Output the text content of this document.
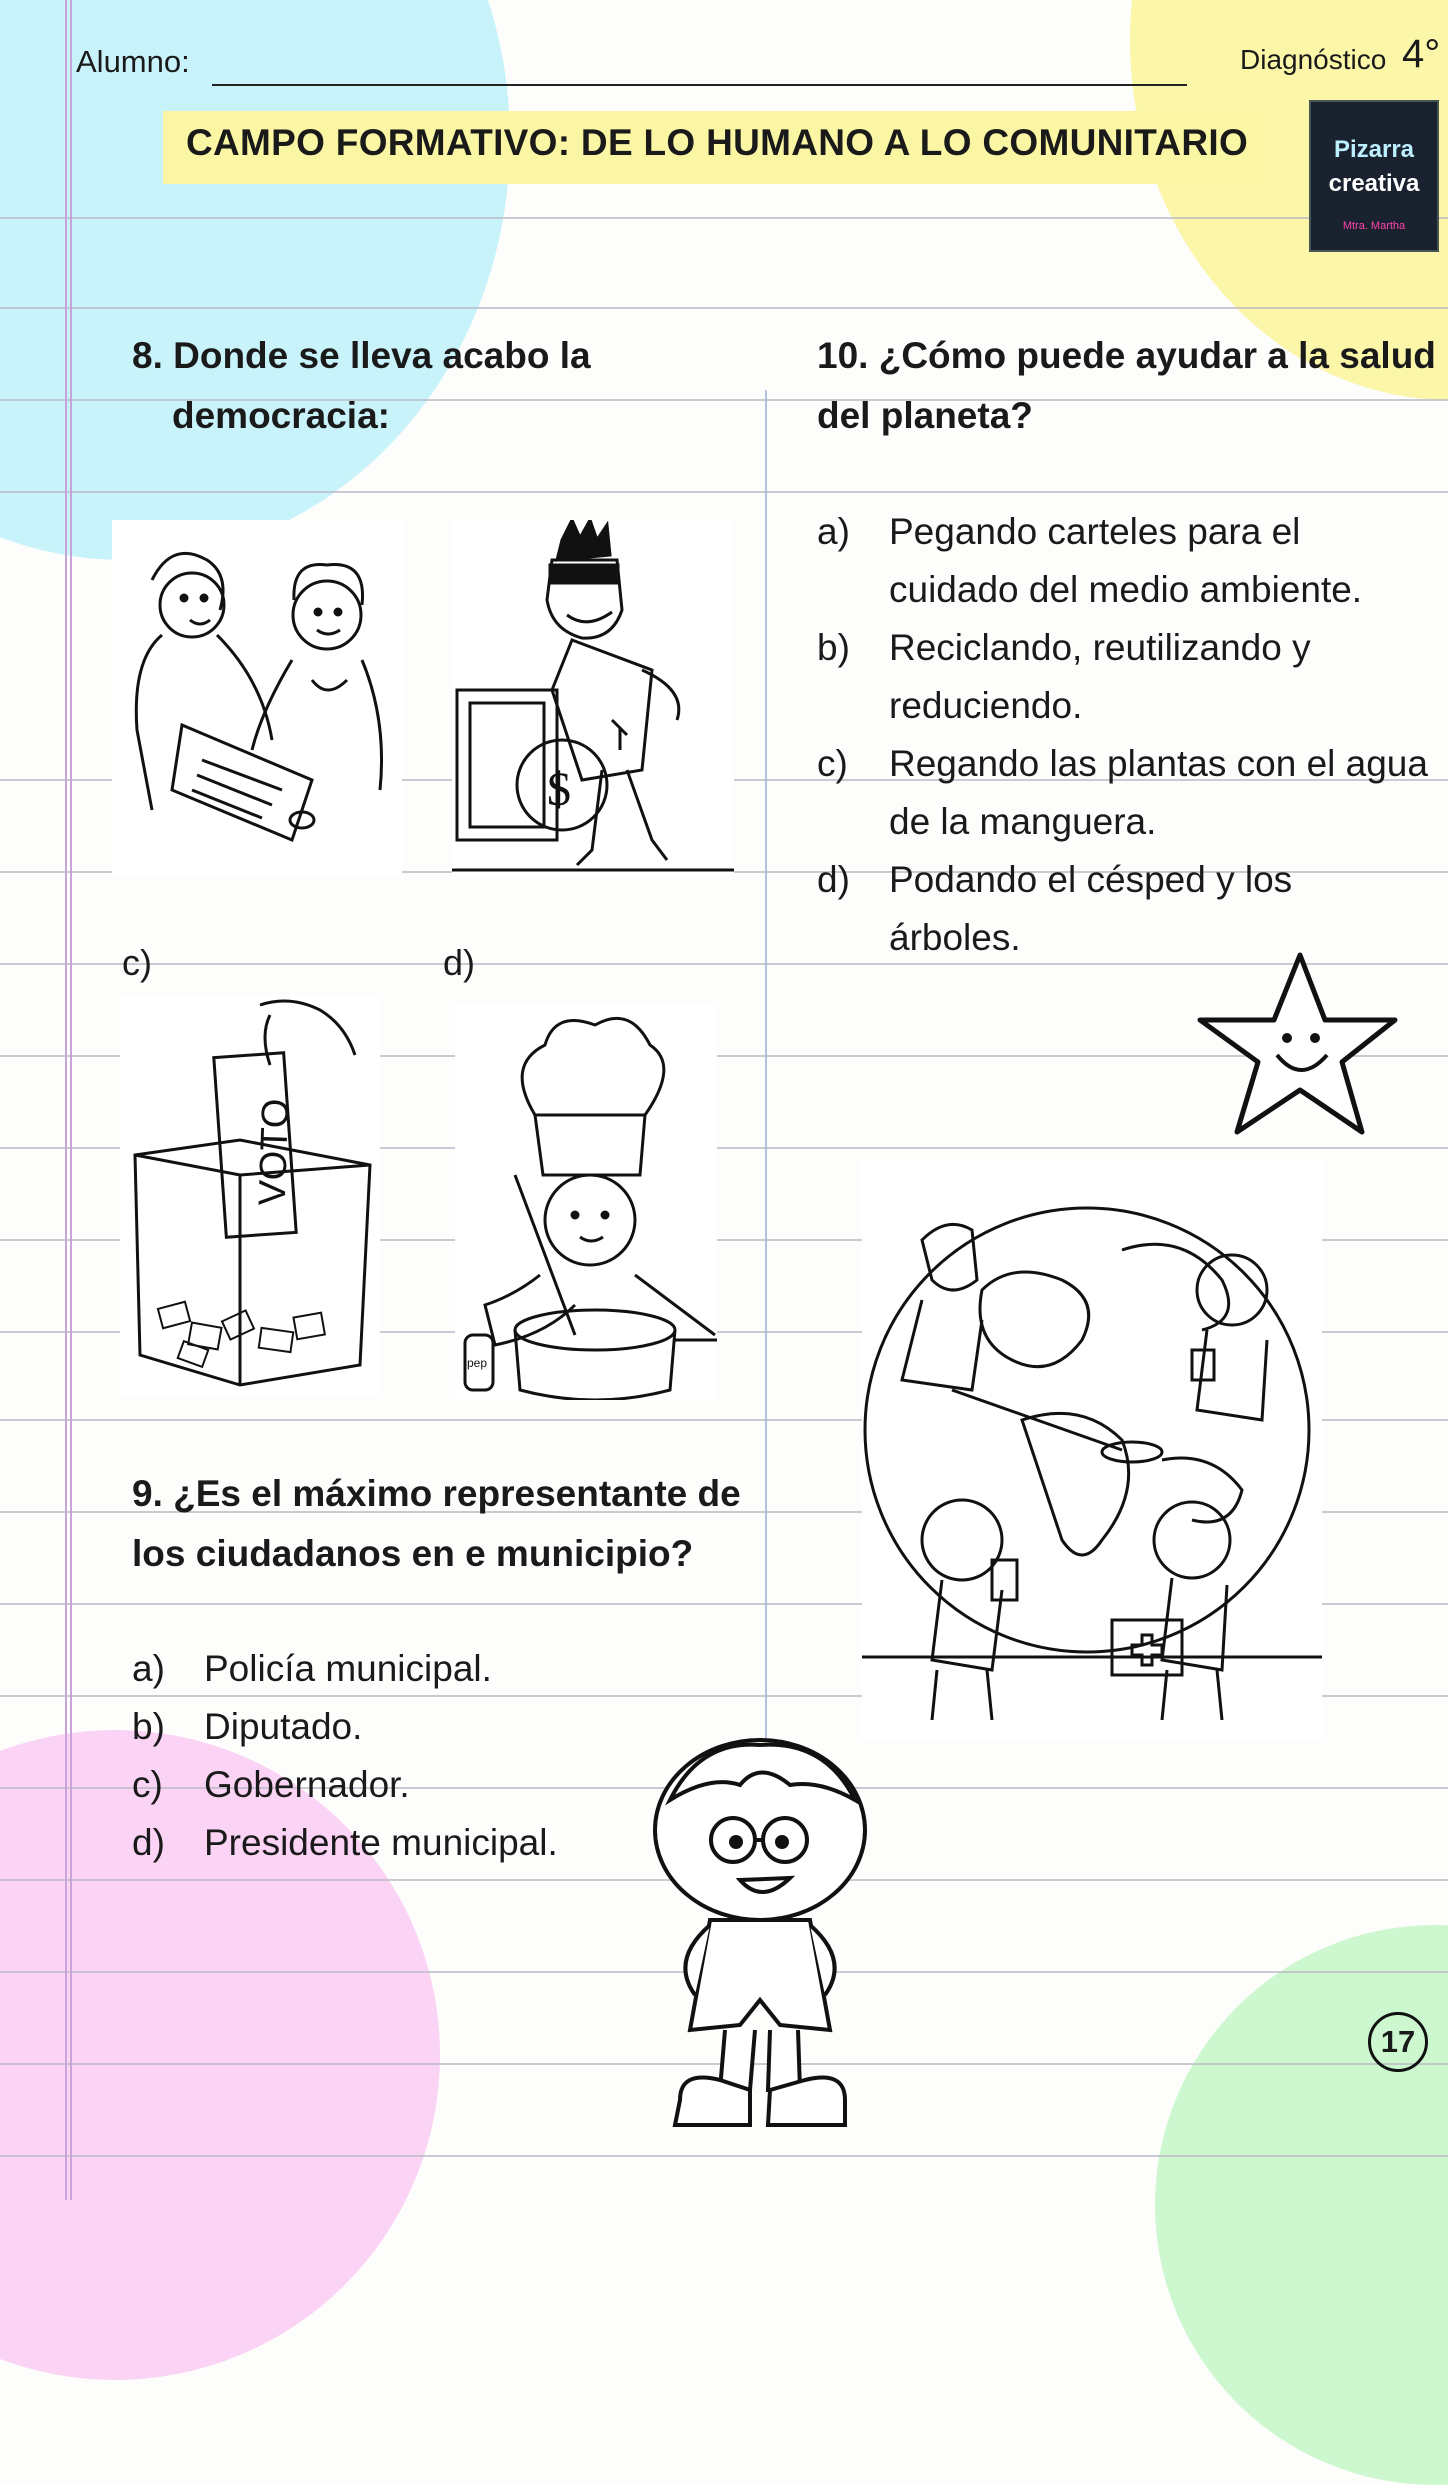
Alumno:	Diagnóstico 4°
CAMPO FORMATIVO: DE LO HUMANO A LO COMUNITARIO	Pizarra
creativa
Mtra. Martha
8. Donde se lleva acabo la
democracia:
c)	d)
$
VOTO
pep
10. ¿Cómo puede ayudar a la salud
del planeta?
a) Pegando carteles para el
cuidado del medio ambiente.
b) Reciclando, reutilizando y
reduciendo.
c) Regando las plantas con el agua
de la manguera.
d) Podando el césped y los
árboles.
9. ¿Es el máximo representante de
los ciudadanos en e municipio?
a) Policía municipal.
b) Diputado.
c) Gobernador.
d) Presidente municipal.
17
